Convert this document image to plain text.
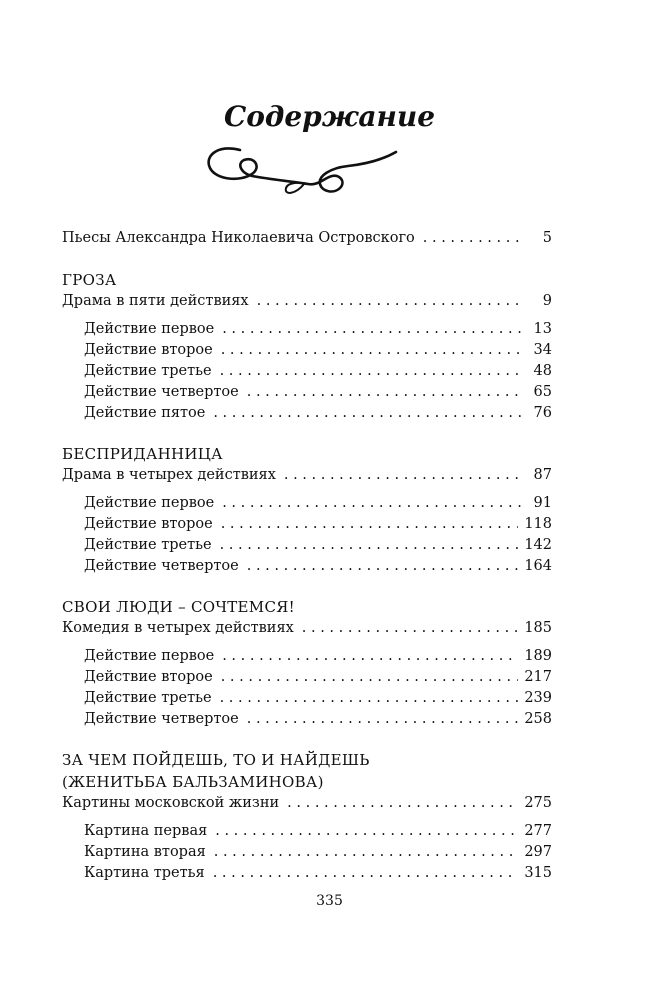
Содержание
Пьесы Александра Николаевича Островского . . .	5
ГРОЗА
Драма в пяти действиях . . .	9
Действие первое . . .	13
Действие второе . . .	34
Действие третье . . .	48
Действие четвертое . . .	65
Действие пятое . . .	76
БЕСПРИДАННИЦА
Драма в четырех действиях . . .	87
Действие первое . . .	91
Действие второе . . .	118
Действие третье . . .	142
Действие четвертое . . .	164
СВОИ ЛЮДИ – СОЧТЕМСЯ!
Комедия в четырех действиях . . .	185
Действие первое . . .	189
Действие второе . . .	217
Действие третье . . .	239
Действие четвертое . . .	258
ЗА ЧЕМ ПОЙДЕШЬ, ТО И НАЙДЕШЬ
(ЖЕНИТЬБА БАЛЬЗАМИНОВА)
Картины московской жизни . . .	275
Картина первая . . .	277
Картина вторая . . .	297
Картина третья . . .	315
335
